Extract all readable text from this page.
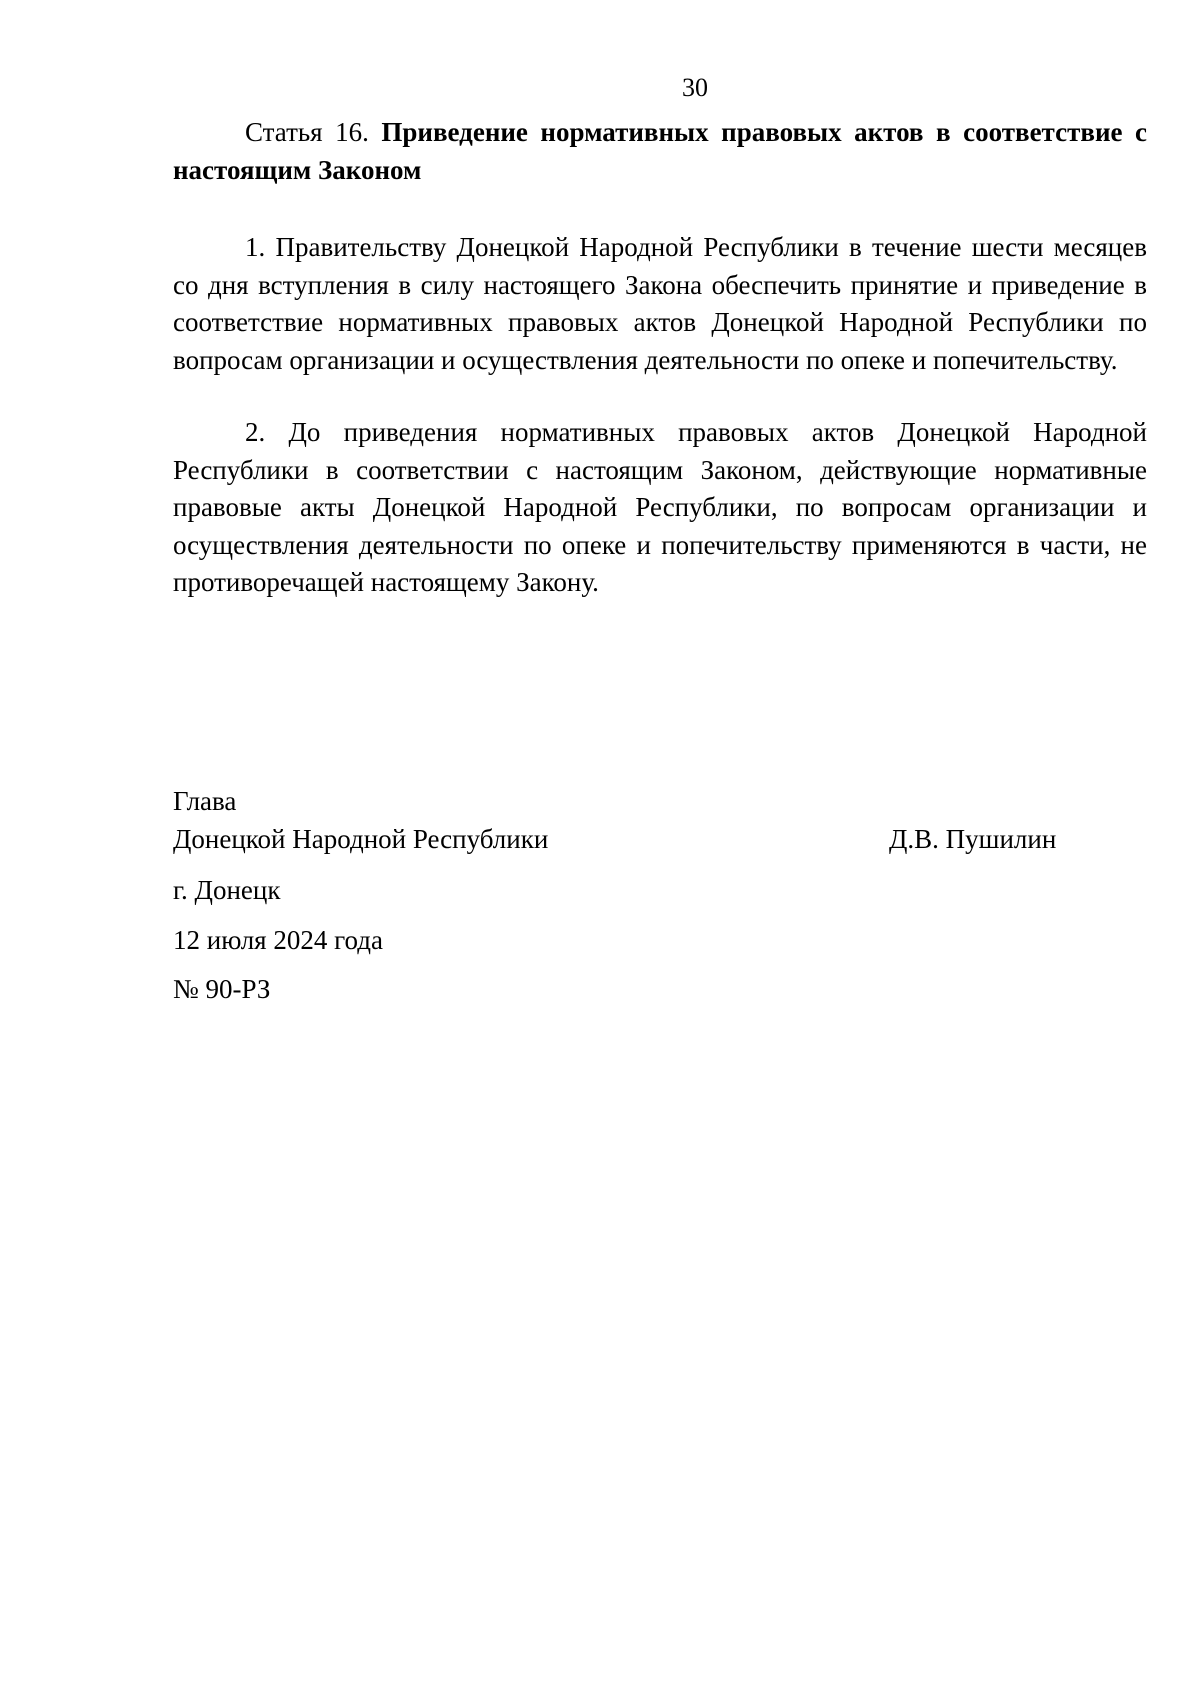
30

Статья 16. Приведение нормативных правовых актов в соответствие с настоящим Законом

1. Правительству Донецкой Народной Республики в течение шести месяцев со дня вступления в силу настоящего Закона обеспечить принятие и приведение в соответствие нормативных правовых актов Донецкой Народной Республики по вопросам организации и осуществления деятельности по опеке и попечительству.

2. До приведения нормативных правовых актов Донецкой Народной Республики в соответствии с настоящим Законом, действующие нормативные правовые акты Донецкой Народной Республики, по вопросам организации и осуществления деятельности по опеке и попечительству применяются в части, не противоречащей настоящему Закону.

Глава
Донецкой Народной Республики	Д.В. Пушилин
г. Донецк
12 июля 2024 года
№ 90-РЗ
